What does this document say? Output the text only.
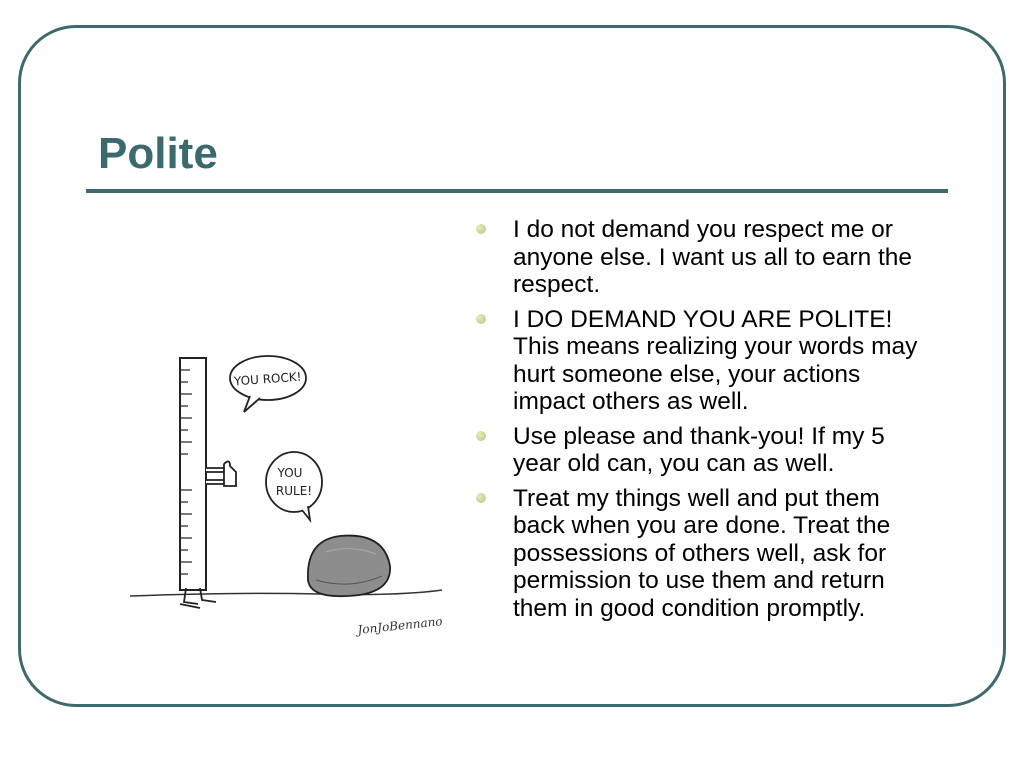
Polite
YOU ROCK!
YOU
RULE!
JonJoBennano
I do not demand you respect me or anyone else. I want us all to earn the respect.
I DO DEMAND YOU ARE POLITE! This means realizing your words may hurt someone else, your actions impact others as well.
Use please and thank-you! If my 5 year old can, you can as well.
Treat my things well and put them back when you are done. Treat the possessions of others well, ask for permission to use them and return them in good condition promptly.
